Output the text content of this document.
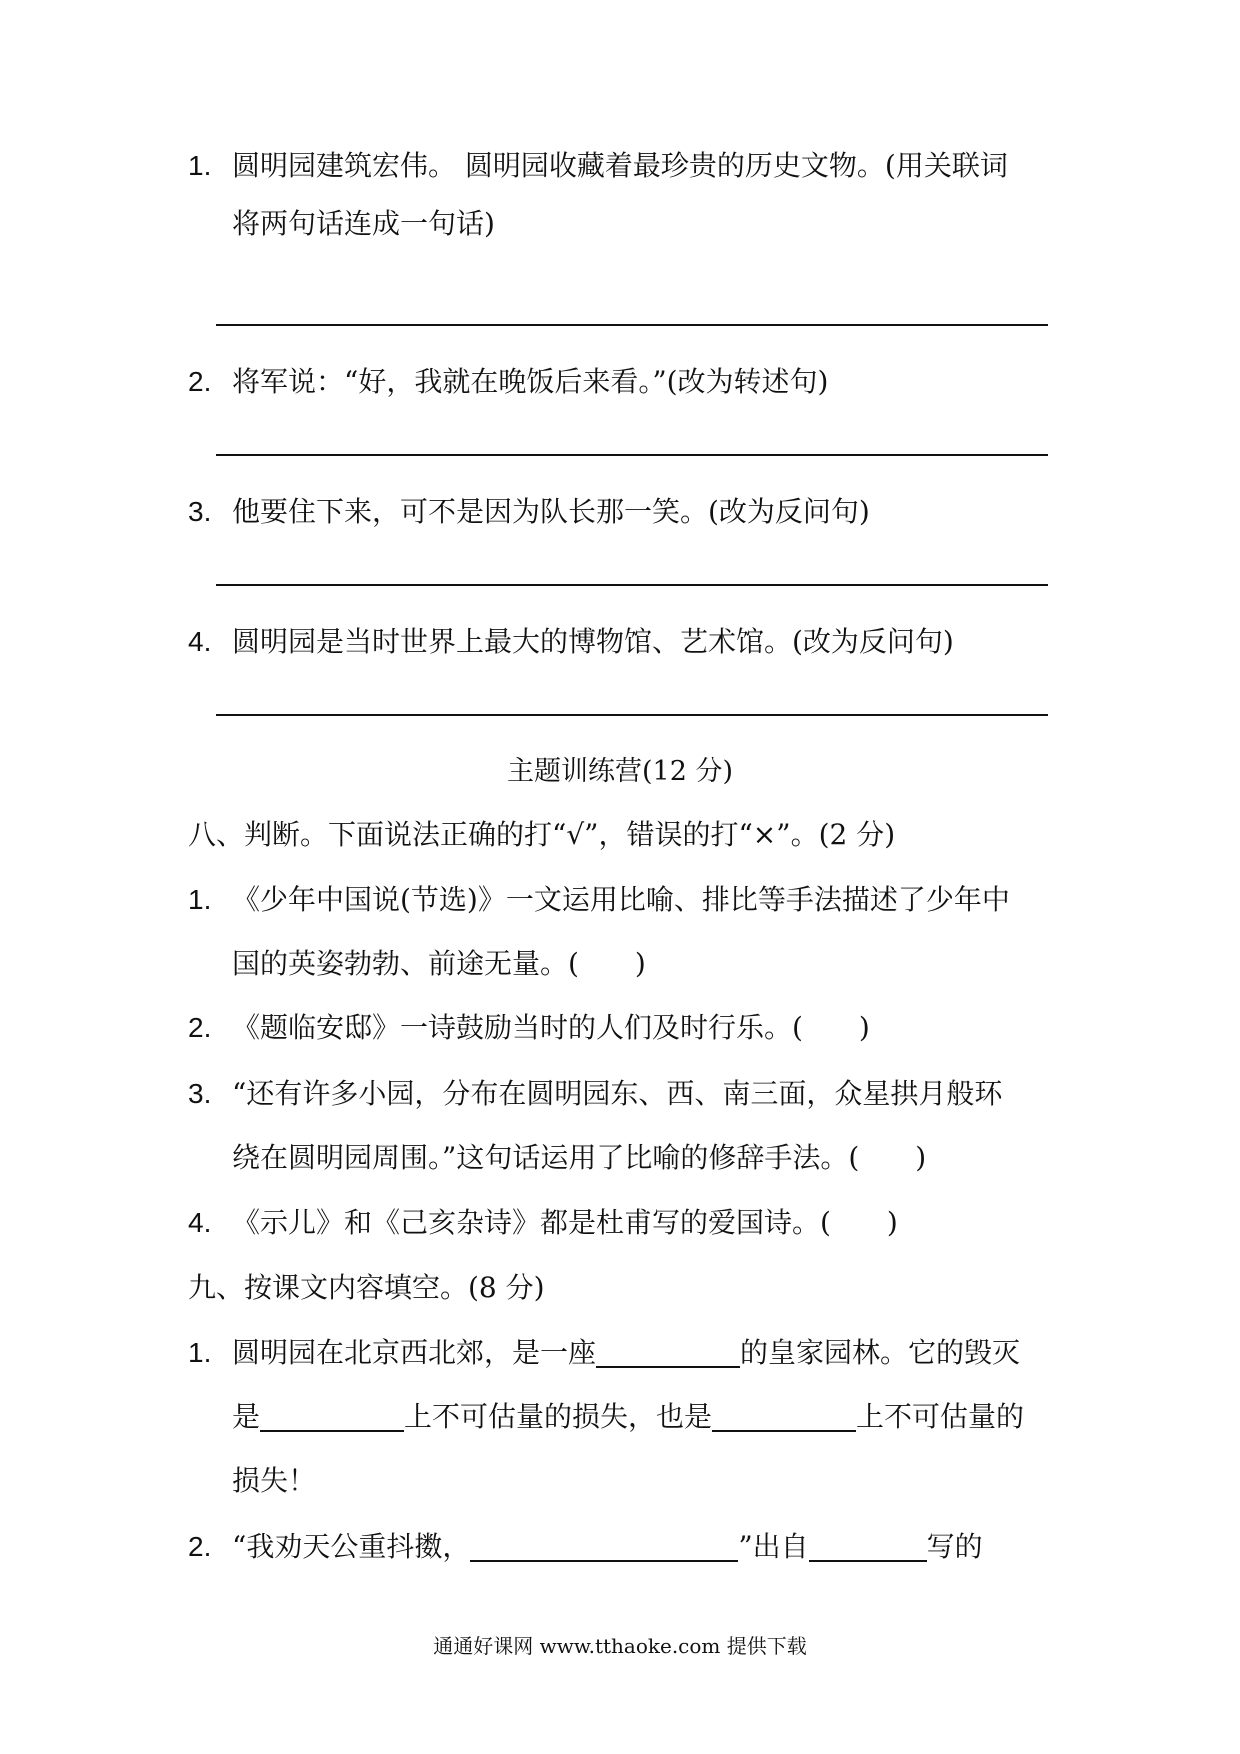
1. 圆明园建筑宏伟。 圆明园收藏着最珍贵的历史文物。(用关联词
将两句话连成一句话)
2. 将军说：“好，我就在晚饭后来看。”(改为转述句)
3. 他要住下来，可不是因为队长那一笑。(改为反问句)
4. 圆明园是当时世界上最大的博物馆、艺术馆。(改为反问句)
主题训练营(12 分)
八、判断。下面说法正确的打“√”，错误的打“×”。(2 分)
1. 《少年中国说(节选)》一文运用比喻、排比等手法描述了少年中
国的英姿勃勃、前途无量。(　　)
2. 《题临安邸》一诗鼓励当时的人们及时行乐。(　　)
3. “还有许多小园，分布在圆明园东、西、南三面，众星拱月般环
绕在圆明园周围。”这句话运用了比喻的修辞手法。(　　)
4. 《示儿》和《己亥杂诗》都是杜甫写的爱国诗。(　　)
九、按课文内容填空。(8 分)
1. 圆明园在北京西北郊，是一座	的皇家园林。它的毁灭
是	上不可估量的损失，也是	上不可估量的
损失！
2. “我劝天公重抖擞，	”出自	写的
通通好课网 www.tthaoke.com 提供下载
